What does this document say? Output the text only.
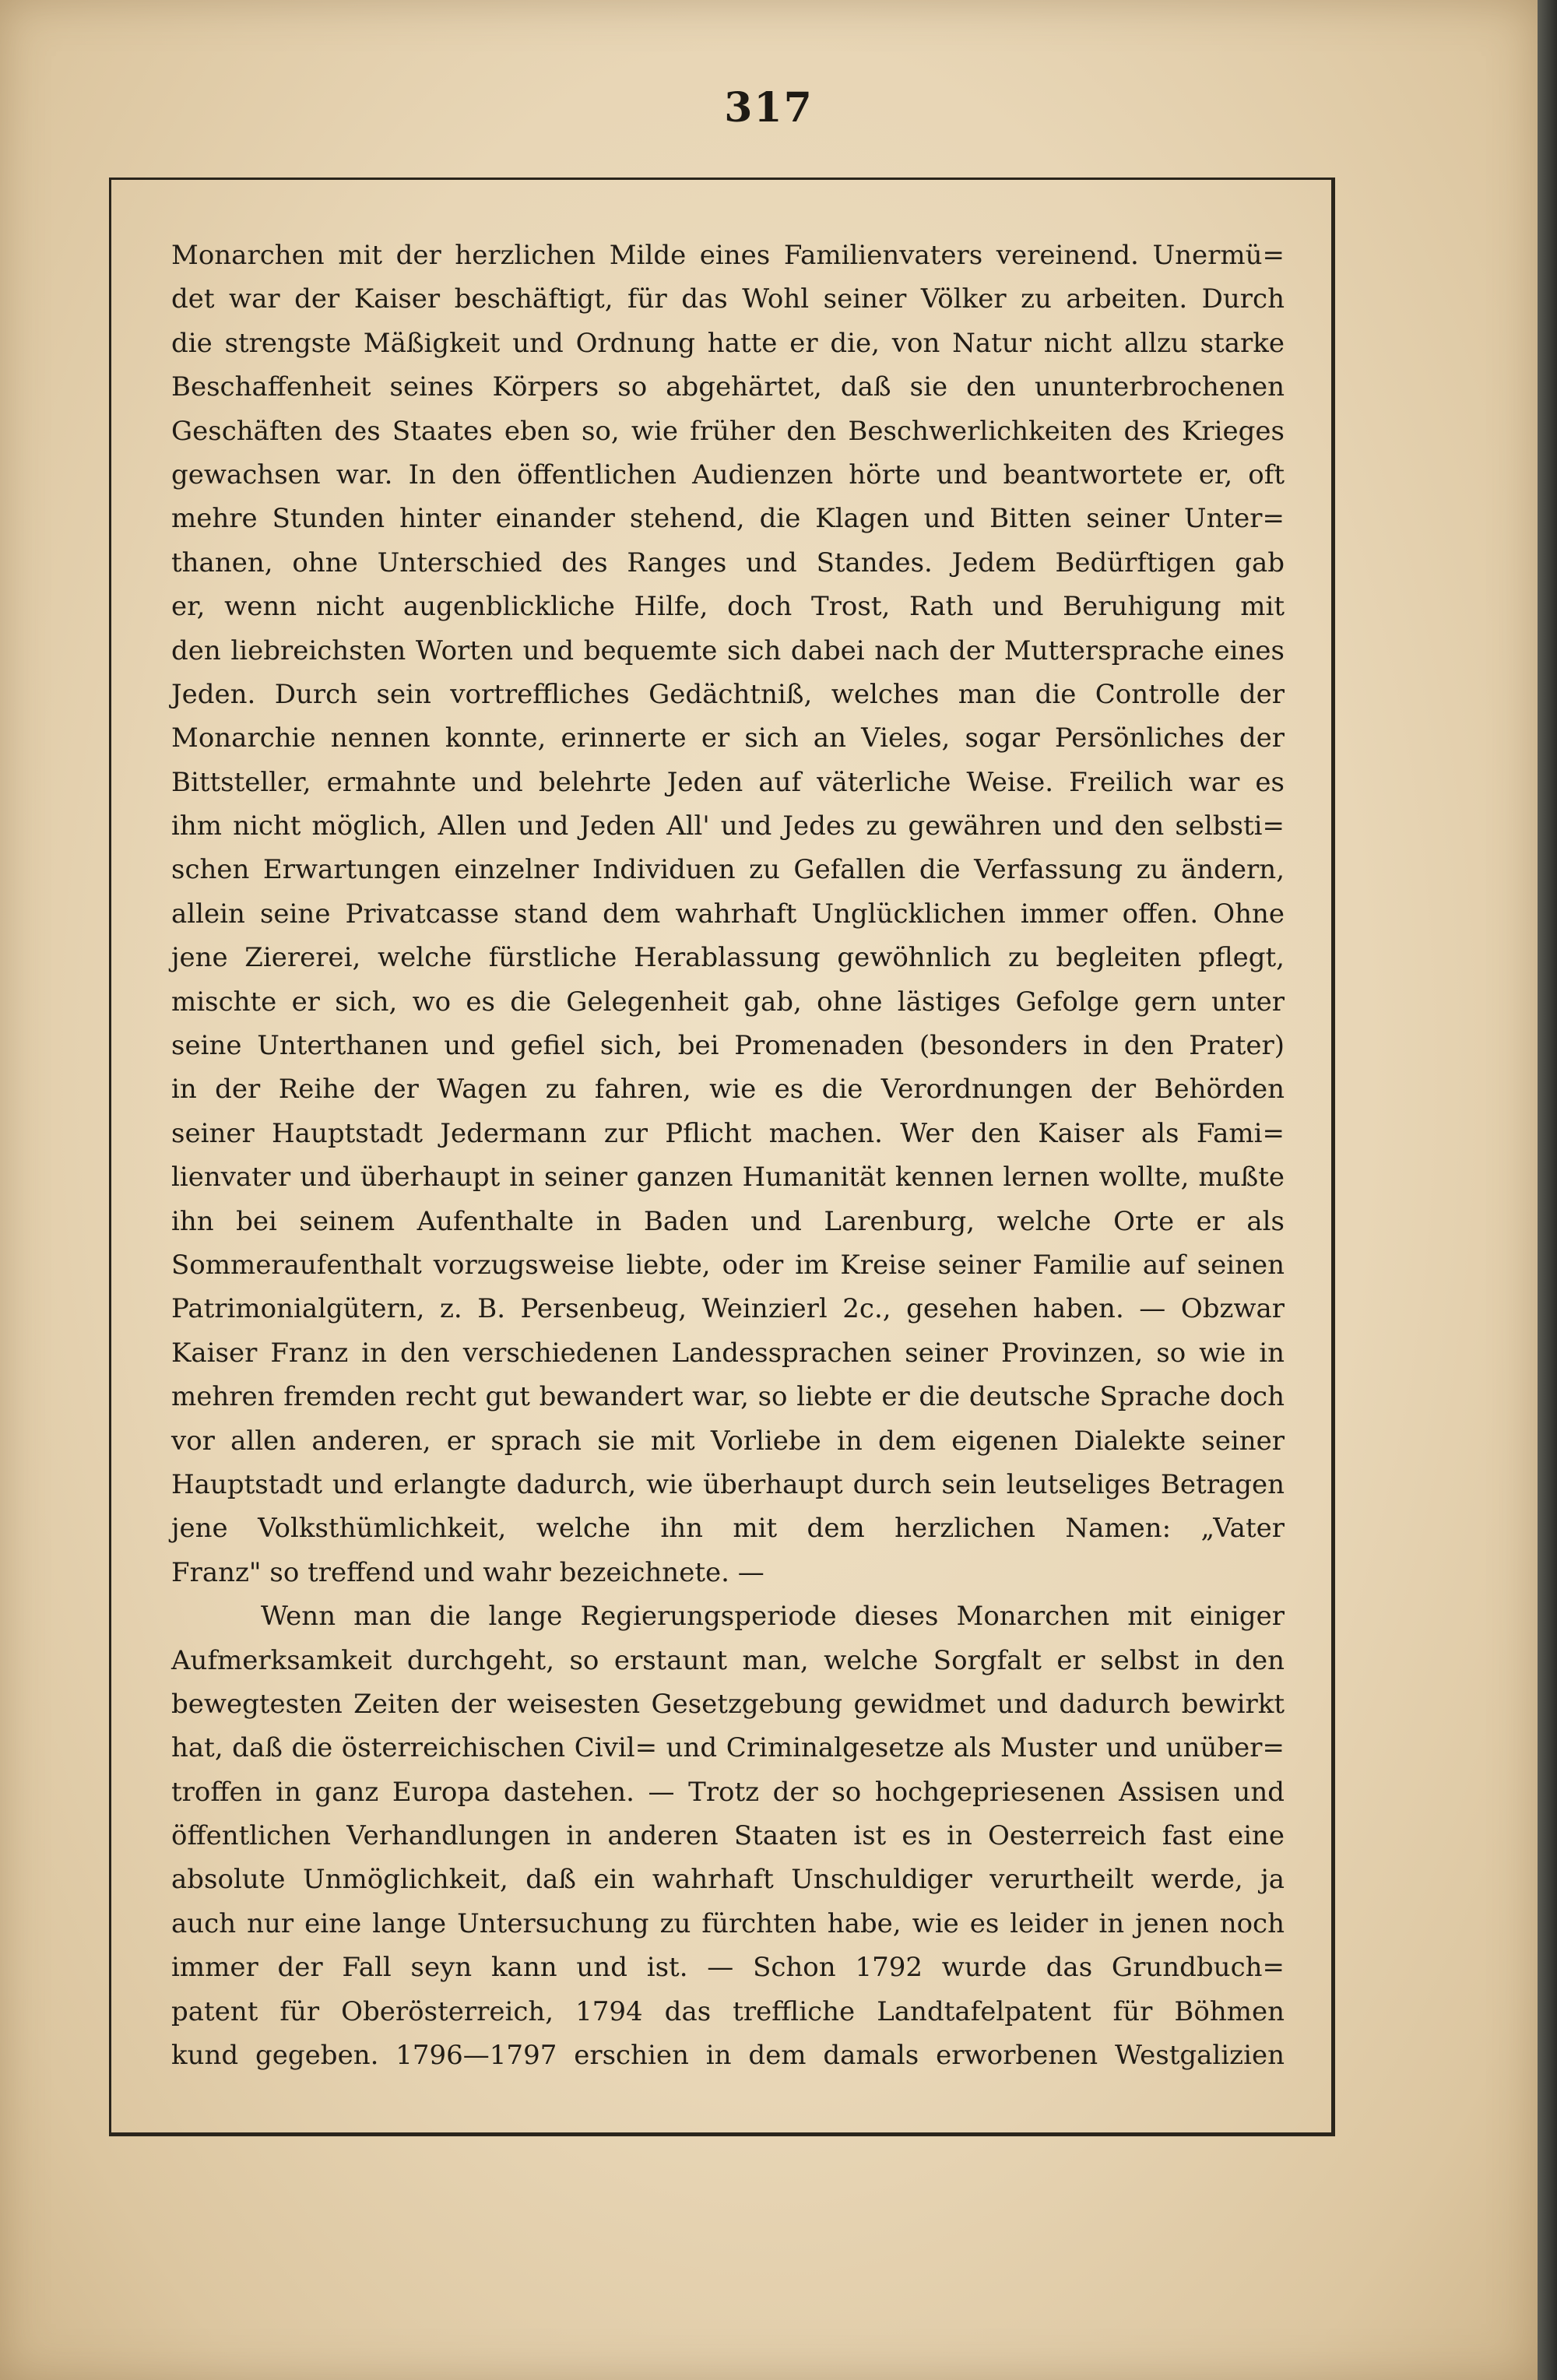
317
Monarchen mit der herzlichen Milde eines Familienvaters vereinend. Unermü=
det war der Kaiser beschäftigt, für das Wohl seiner Völker zu arbeiten. Durch
die strengste Mäßigkeit und Ordnung hatte er die, von Natur nicht allzu starke
Beschaffenheit seines Körpers so abgehärtet, daß sie den ununterbrochenen
Geschäften des Staates eben so, wie früher den Beschwerlichkeiten des Krieges
gewachsen war. In den öffentlichen Audienzen hörte und beantwortete er, oft
mehre Stunden hinter einander stehend, die Klagen und Bitten seiner Unter=
thanen, ohne Unterschied des Ranges und Standes. Jedem Bedürftigen gab
er, wenn nicht augenblickliche Hilfe, doch Trost, Rath und Beruhigung mit
den liebreichsten Worten und bequemte sich dabei nach der Muttersprache eines
Jeden. Durch sein vortreffliches Gedächtniß, welches man die Controlle der
Monarchie nennen konnte, erinnerte er sich an Vieles, sogar Persönliches der
Bittsteller, ermahnte und belehrte Jeden auf väterliche Weise. Freilich war es
ihm nicht möglich, Allen und Jeden All' und Jedes zu gewähren und den selbsti=
schen Erwartungen einzelner Individuen zu Gefallen die Verfassung zu ändern,
allein seine Privatcasse stand dem wahrhaft Unglücklichen immer offen. Ohne
jene Ziererei, welche fürstliche Herablassung gewöhnlich zu begleiten pflegt,
mischte er sich, wo es die Gelegenheit gab, ohne lästiges Gefolge gern unter
seine Unterthanen und gefiel sich, bei Promenaden (besonders in den Prater)
in der Reihe der Wagen zu fahren, wie es die Verordnungen der Behörden
seiner Hauptstadt Jedermann zur Pflicht machen. Wer den Kaiser als Fami=
lienvater und überhaupt in seiner ganzen Humanität kennen lernen wollte, mußte
ihn bei seinem Aufenthalte in Baden und Larenburg, welche Orte er als
Sommeraufenthalt vorzugsweise liebte, oder im Kreise seiner Familie auf seinen
Patrimonialgütern, z. B. Persenbeug, Weinzierl 2c., gesehen haben. — Obzwar
Kaiser Franz in den verschiedenen Landessprachen seiner Provinzen, so wie in
mehren fremden recht gut bewandert war, so liebte er die deutsche Sprache doch
vor allen anderen, er sprach sie mit Vorliebe in dem eigenen Dialekte seiner
Hauptstadt und erlangte dadurch, wie überhaupt durch sein leutseliges Betragen
jene Volksthümlichkeit, welche ihn mit dem herzlichen Namen: „Vater
Franz" so treffend und wahr bezeichnete. —
Wenn man die lange Regierungsperiode dieses Monarchen mit einiger
Aufmerksamkeit durchgeht, so erstaunt man, welche Sorgfalt er selbst in den
bewegtesten Zeiten der weisesten Gesetzgebung gewidmet und dadurch bewirkt
hat, daß die österreichischen Civil= und Criminalgesetze als Muster und unüber=
troffen in ganz Europa dastehen. — Trotz der so hochgepriesenen Assisen und
öffentlichen Verhandlungen in anderen Staaten ist es in Oesterreich fast eine
absolute Unmöglichkeit, daß ein wahrhaft Unschuldiger verurtheilt werde, ja
auch nur eine lange Untersuchung zu fürchten habe, wie es leider in jenen noch
immer der Fall seyn kann und ist. — Schon 1792 wurde das Grundbuch=
patent für Oberösterreich, 1794 das treffliche Landtafelpatent für Böhmen
kund gegeben. 1796—1797 erschien in dem damals erworbenen Westgalizien
